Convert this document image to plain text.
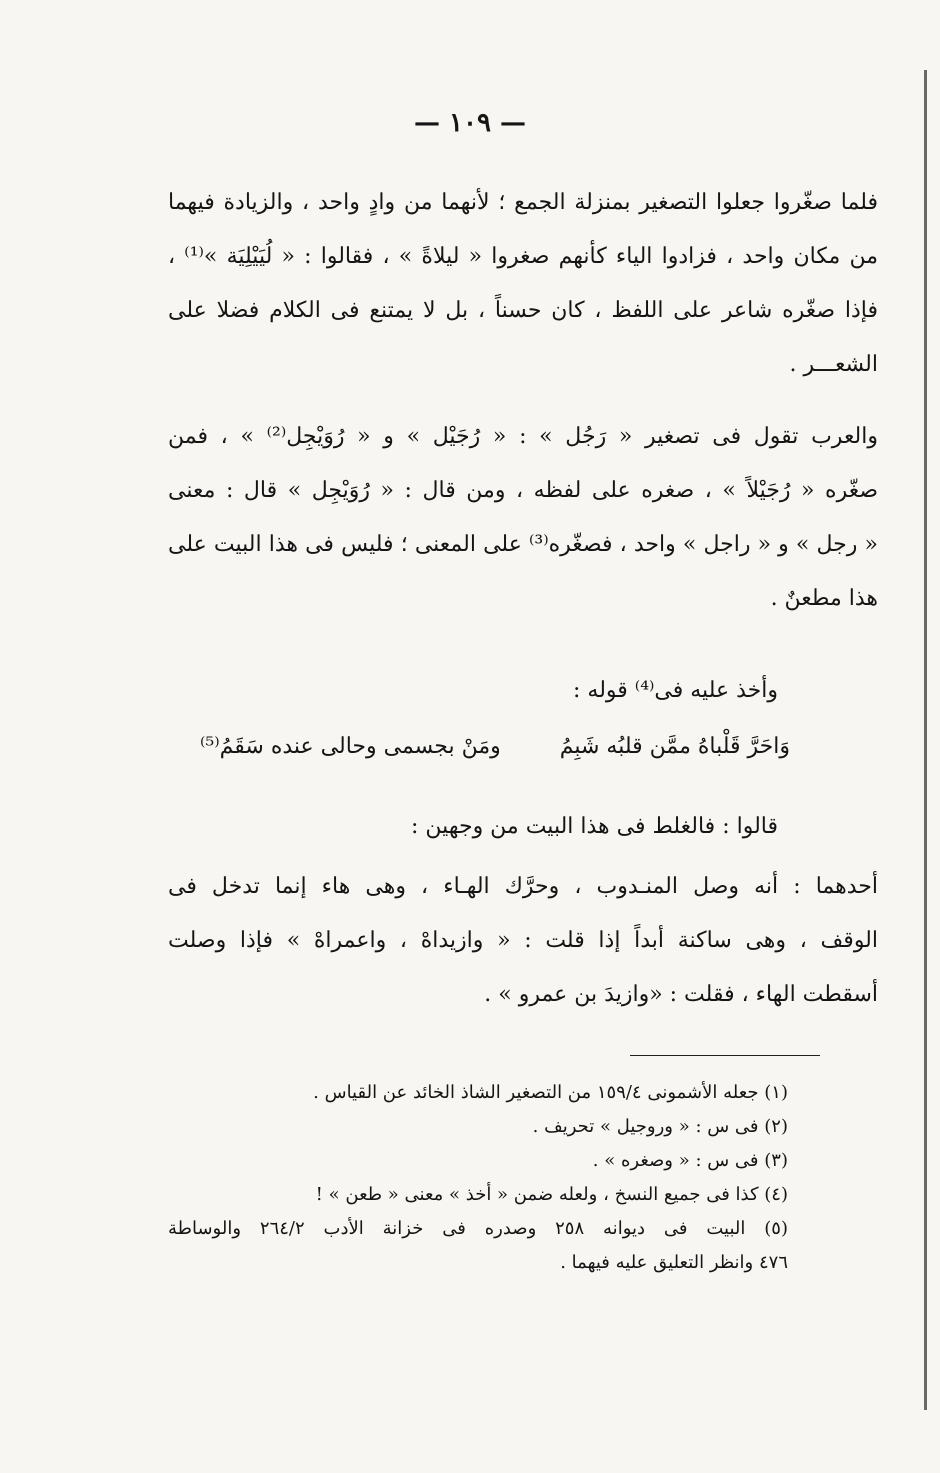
— ١٠٩ —
فلما صغّروا جعلوا التصغير بمنزلة الجمع ؛ لأنهما من وادٍ واحد ، والزيادة فيهما
من مكان واحد ، فزادوا الياء كأنهم صغروا « ليلاةً » ، فقالوا : « لُيَيْلِيَة »⁽¹⁾ ،
فإذا صغّره شاعر على اللفظ ، كان حسناً ، بل لا يمتنع فى الكلام فضلا على
الشعـــر .
والعرب تقول فى تصغير « رَجُل » : « رُجَيْل » و « رُوَيْجِل⁽²⁾ » ، فمن
صغّره « رُجَيْلاً » ، صغره على لفظه ، ومن قال : « رُوَيْجِل » قال : معنى
« رجل » و « راجل » واحد ، فصغّره⁽³⁾ على المعنى ؛ فليس فى هذا البيت على
هذا مطعنٌ .
وأخذ عليه فى⁽⁴⁾ قوله :
وَاحَرَّ قَلْباهُ ممَّن قلبُه شَبِمُ
ومَنْ بجسمى وحالى عنده سَقَمُ⁽⁵⁾
قالوا : فالغلط فى هذا البيت من وجهين :
أحدهما : أنه وصل المنـدوب ، وحرَّك الهـاء ، وهى هاء إنما تدخل فى
الوقف ، وهى ساكنة أبداً إذا قلت : « وازيداهْ ، واعمراهْ » فإذا وصلت
أسقطت الهاء ، فقلت : «وازيدَ بن عمرو » .
(١) جعله الأشمونى ١٥٩/٤ من التصغير الشاذ الخائد عن القياس .
(٢) فى س : « وروجيل » تحريف .
(٣) فى س : « وصغره » .
(٤) كذا فى جميع النسخ ، ولعله ضمن « أخذ » معنى « طعن » !
(٥) البيت فى ديوانه ٢٥٨ وصدره فى خزانة الأدب ٢٦٤/٢ والوساطة
٤٧٦ وانظر التعليق عليه فيهما .
